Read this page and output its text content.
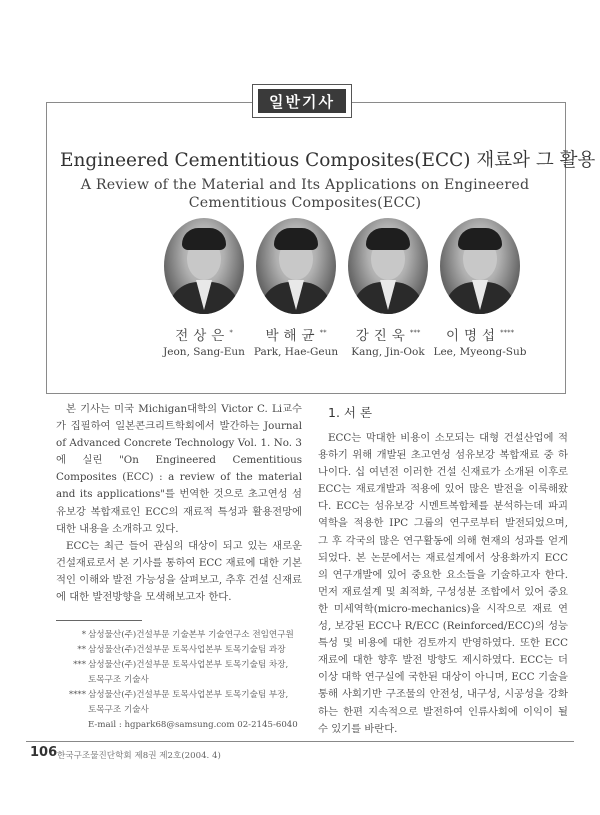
일반기사
Engineered Cementitious Composites(ECC) 재료와 그 활용
A Review of the Material and Its Applications on Engineered
Cementitious Composites(ECC)
전상은*	박해균**	강진욱***	이명섭****
Jeon, Sang-Eun Park, Hae-Geun	Kang, Jin-Ook Lee, Myeong-Sub

본 기사는 미국 Michigan대학의 Victor C. Li교수가 집필하여 일본콘크리트학회에서 발간하는 Journal of Advanced Concrete Technology Vol. 1. No. 3에 실린 "On Engineered Cementitious Composites (ECC) : a review of the material and its applications"를 번역한 것으로 초고연성 섬유보강 복합재료인 ECC의 재료적 특성과 활용전망에 대한 내용을 소개하고 있다.

ECC는 최근 들어 관심의 대상이 되고 있는 새로운 건설재료로서 본 기사를 통하여 ECC 재료에 대한 기본적인 이해와 발전 가능성을 살펴보고, 추후 건설 신재료에 대한 발전방향을 모색해보고자 한다.

1. 서 론

ECC는 막대한 비용이 소모되는 대형 건설산업에 적용하기 위해 개발된 초고연성 섬유보강 복합재료 중 하나이다. 십 여년전 이러한 건설 신재료가 소개된 이후로 ECC는 재료개발과 적용에 있어 많은 발전을 이룩해왔다. ECC는 섬유보강 시멘트복합체를 분석하는데 파괴역학을 적용한 IPC 그룹의 연구로부터 발전되었으며, 그 후 각국의 많은 연구활동에 의해 현재의 성과를 얻게 되었다. 본 논문에서는 재료설계에서 상용화까지 ECC의 연구개발에 있어 중요한 요소들을 기술하고자 한다. 먼저 재료설계 및 최적화, 구성성분 조합에서 있어 중요한 미세역학(micro-mechanics)을 시작으로 재료 연성, 보강된 ECC나 R/ECC (Reinforced/ECC)의 성능특성 및 비용에 대한 검토까지 반영하였다. 또한 ECC 재료에 대한 향후 발전 방향도 제시하였다. ECC는 더 이상 대학 연구실에 국한된 대상이 아니며, ECC 기술을 통해 사회기반 구조물의 안전성, 내구성, 시공성을 강화하는 한편 지속적으로 발전하여 인류사회에 이익이 될 수 있기를 바란다.

* 삼성물산(주)건설부문 기술본부 기술연구소 전임연구원
** 삼성물산(주)건설부문 토목사업본부 토목기술팀 과장
*** 삼성물산(주)건설부문 토목사업본부 토목기술팀 차장,
토목구조 기술사
**** 삼성물산(주)건설부문 토목사업본부 토목기술팀 부장,
토목구조 기술사
E-mail : hgpark68@samsung.com 02-2145-6040
106 한국구조물진단학회 제8권 제2호(2004. 4)
